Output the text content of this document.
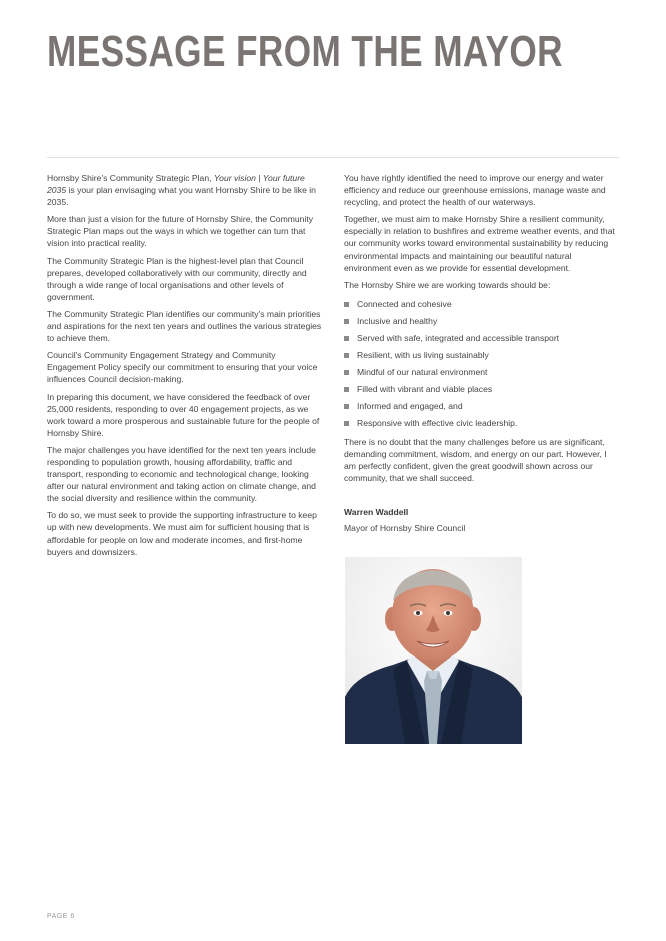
MESSAGE FROM THE MAYOR

Hornsby Shire's Community Strategic Plan, Your vision | Your future 2035 is your plan envisaging what you want Hornsby Shire to be like in 2035.

More than just a vision for the future of Hornsby Shire, the Community Strategic Plan maps out the ways in which we together can turn that vision into practical reality.

The Community Strategic Plan is the highest-level plan that Council prepares, developed collaboratively with our community, directly and through a wide range of local organisations and other levels of government.

The Community Strategic Plan identifies our community's main priorities and aspirations for the next ten years and outlines the various strategies to achieve them.

Council's Community Engagement Strategy and Community Engagement Policy specify our commitment to ensuring that your voice influences Council decision-making.

In preparing this document, we have considered the feedback of over 25,000 residents, responding to over 40 engagement projects, as we work toward a more prosperous and sustainable future for the people of Hornsby Shire.

The major challenges you have identified for the next ten years include responding to population growth, housing affordability, traffic and transport, responding to economic and technological change, looking after our natural environment and taking action on climate change, and the social diversity and resilience within the community.

To do so, we must seek to provide the supporting infrastructure to keep up with new developments. We must aim for sufficient housing that is affordable for people on low and moderate incomes, and first-home buyers and downsizers.

You have rightly identified the need to improve our energy and water efficiency and reduce our greenhouse emissions, manage waste and recycling, and protect the health of our waterways.

Together, we must aim to make Hornsby Shire a resilient community, especially in relation to bushfires and extreme weather events, and that our community works toward environmental sustainability by reducing environmental impacts and maintaining our beautiful natural environment even as we provide for essential development.

The Hornsby Shire we are working towards should be:

Connected and cohesive
Inclusive and healthy
Served with safe, integrated and accessible transport
Resilient, with us living sustainably
Mindful of our natural environment
Filled with vibrant and viable places
Informed and engaged, and
Responsive with effective civic leadership.

There is no doubt that the many challenges before us are significant, demanding commitment, wisdom, and energy on our part. However, I am perfectly confident, given the great goodwill shown across our community, that we shall succeed.

Warren Waddell

Mayor of Hornsby Shire Council

PAGE 6
